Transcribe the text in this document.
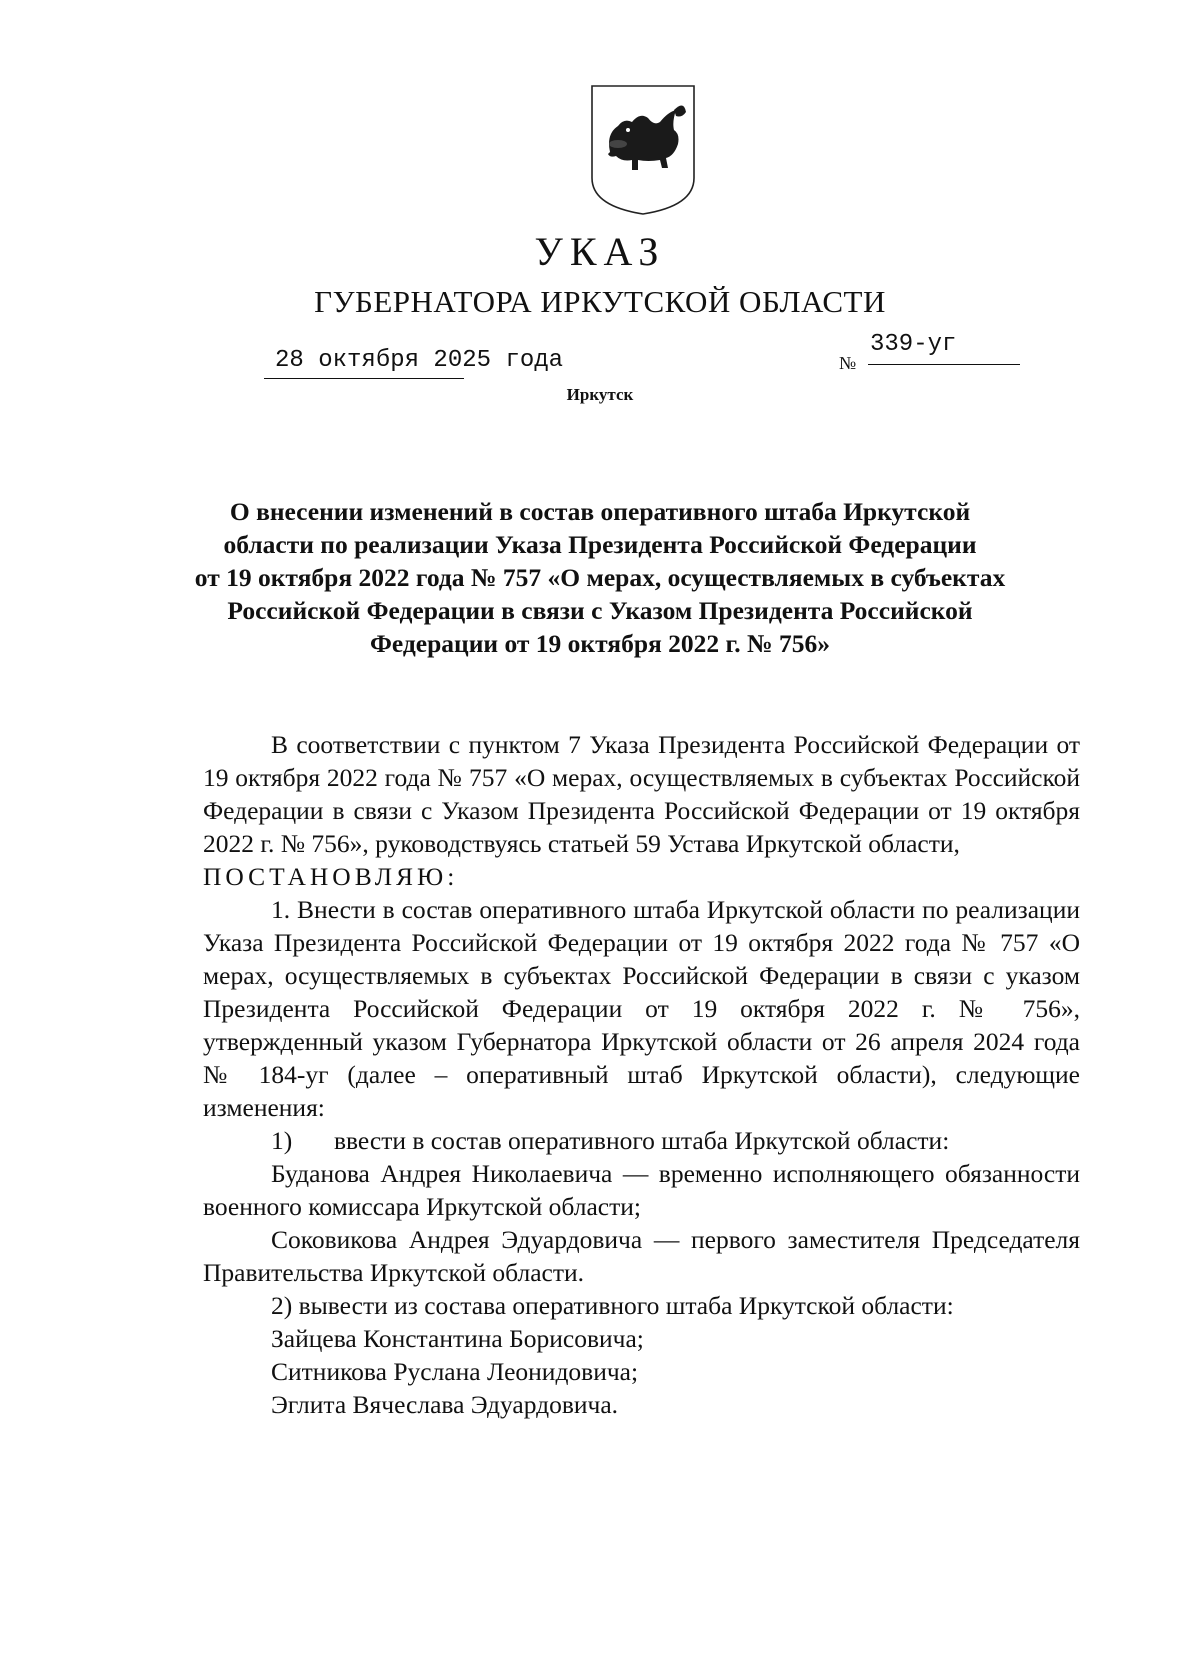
УКАЗ
ГУБЕРНАТОРА ИРКУТСКОЙ ОБЛАСТИ
28 октября 2025 года	№
339-уг
Иркутск
О внесении изменений в состав оперативного штаба Иркутской
области по реализации Указа Президента Российской Федерации
от 19 октября 2022 года № 757 «О мерах, осуществляемых в субъектах
Российской Федерации в связи с Указом Президента Российской
Федерации от 19 октября 2022 г. № 756»

В соответствии с пунктом 7 Указа Президента Российской Федерации от 19 октября 2022 года № 757 «О мерах, осуществляемых в субъектах Российской Федерации в связи с Указом Президента Российской Федерации от 19 октября 2022 г. № 756», руководствуясь статьей 59 Устава Иркутской области,

ПОСТАНОВЛЯЮ:

1. Внести в состав оперативного штаба Иркутской области по реализации Указа Президента Российской Федерации от 19 октября 2022 года № 757 «О мерах, осуществляемых в субъектах Российской Федерации в связи с указом Президента Российской Федерации от 19 октября 2022 г. № 756», утвержденный указом Губернатора Иркутской области от 26 апреля 2024 года № 184-уг (далее – оперативный штаб Иркутской области), следующие изменения:

1) ввести в состав оперативного штаба Иркутской области:

Буданова Андрея Николаевича — временно исполняющего обязанности военного комиссара Иркутской области;

Соковикова Андрея Эдуардовича — первого заместителя Председателя Правительства Иркутской области.

2) вывести из состава оперативного штаба Иркутской области:

Зайцева Константина Борисовича;

Ситникова Руслана Леонидовича;

Эглита Вячеслава Эдуардовича.
